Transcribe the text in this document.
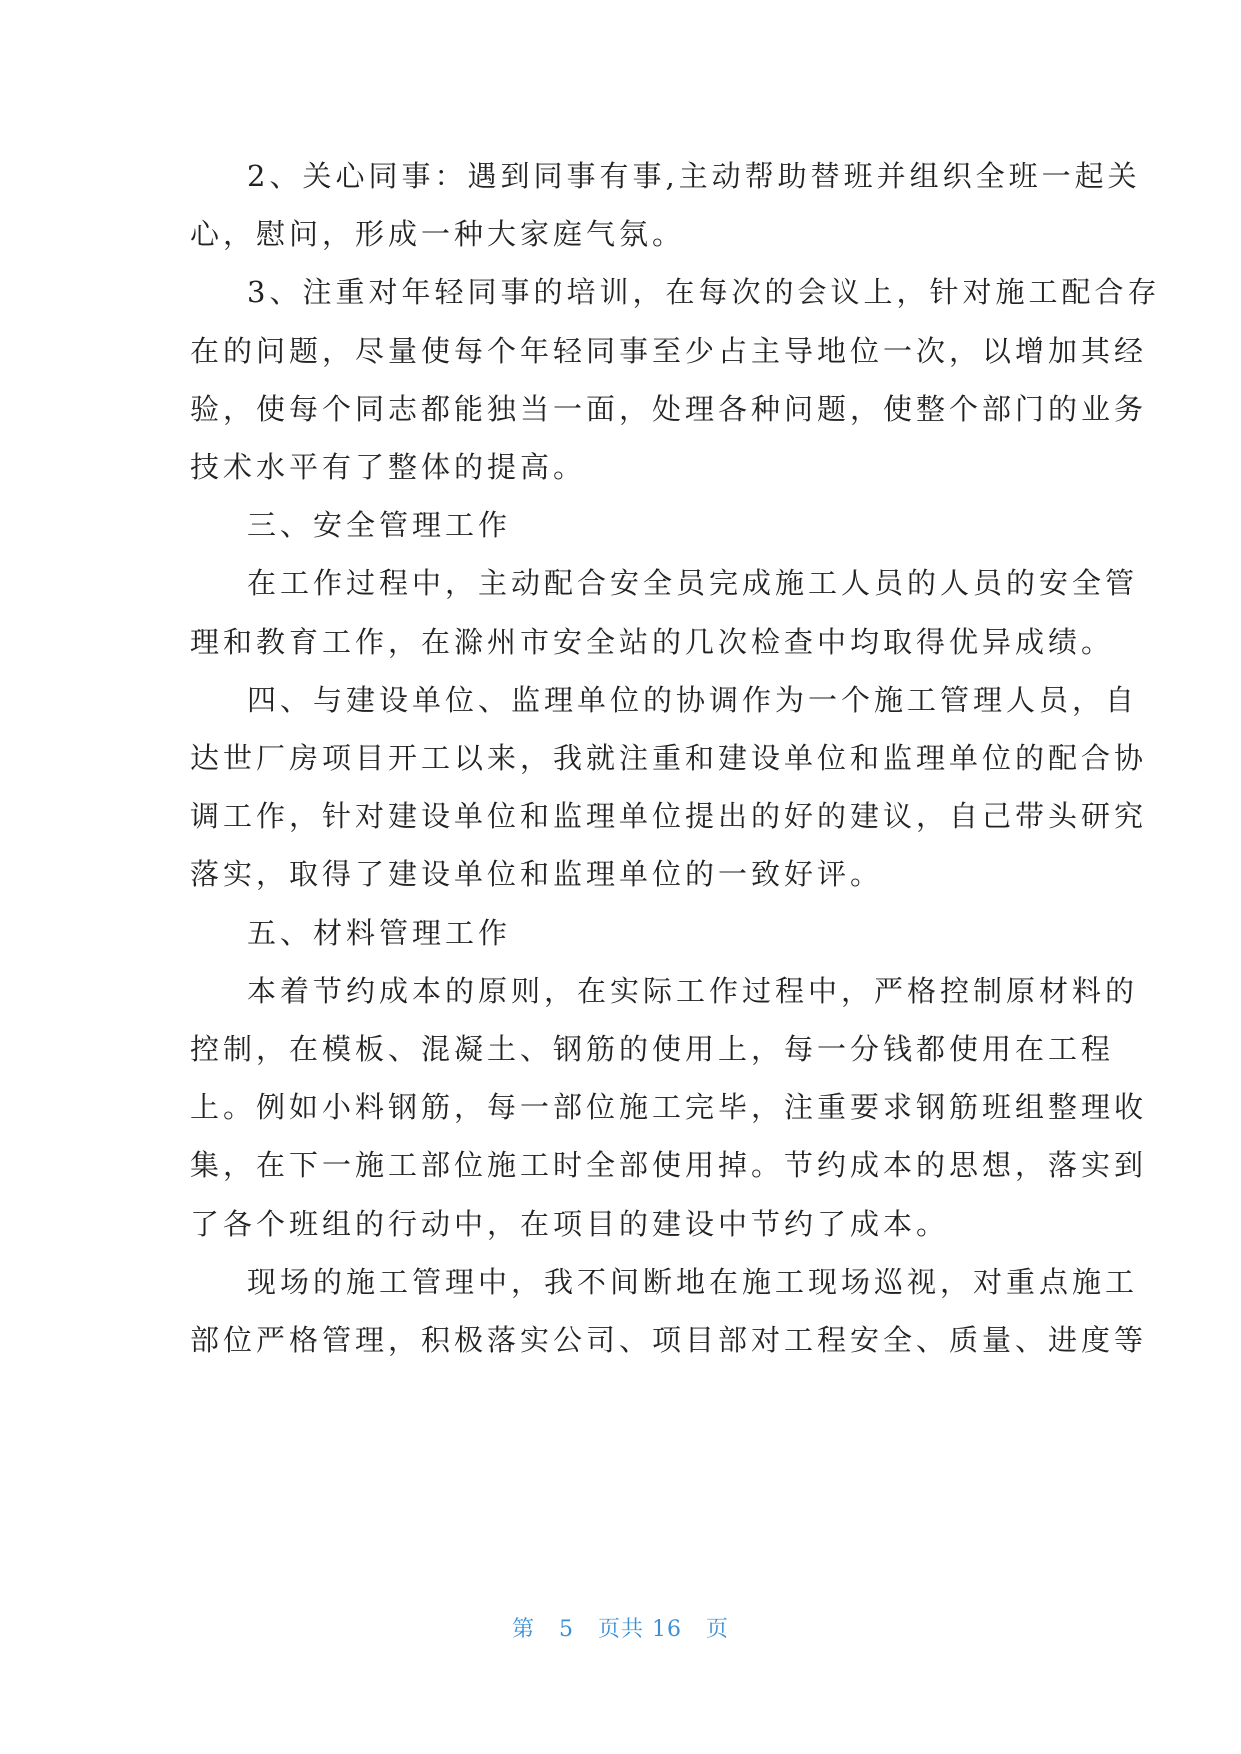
2、关心同事：遇到同事有事,主动帮助替班并组织全班一起关
心，慰问，形成一种大家庭气氛。
3、注重对年轻同事的培训，在每次的会议上，针对施工配合存
在的问题，尽量使每个年轻同事至少占主导地位一次，以增加其经
验，使每个同志都能独当一面，处理各种问题，使整个部门的业务
技术水平有了整体的提高。
三、安全管理工作
在工作过程中，主动配合安全员完成施工人员的人员的安全管
理和教育工作，在滁州市安全站的几次检查中均取得优异成绩。
四、与建设单位、监理单位的协调作为一个施工管理人员，自
达世厂房项目开工以来，我就注重和建设单位和监理单位的配合协
调工作，针对建设单位和监理单位提出的好的建议，自己带头研究
落实，取得了建设单位和监理单位的一致好评。
五、材料管理工作
本着节约成本的原则，在实际工作过程中，严格控制原材料的
控制，在模板、混凝土、钢筋的使用上，每一分钱都使用在工程
上。例如小料钢筋，每一部位施工完毕，注重要求钢筋班组整理收
集，在下一施工部位施工时全部使用掉。节约成本的思想，落实到
了各个班组的行动中，在项目的建设中节约了成本。
现场的施工管理中，我不间断地在施工现场巡视，对重点施工
部位严格管理，积极落实公司、项目部对工程安全、质量、进度等
第 5 页共 16 页
